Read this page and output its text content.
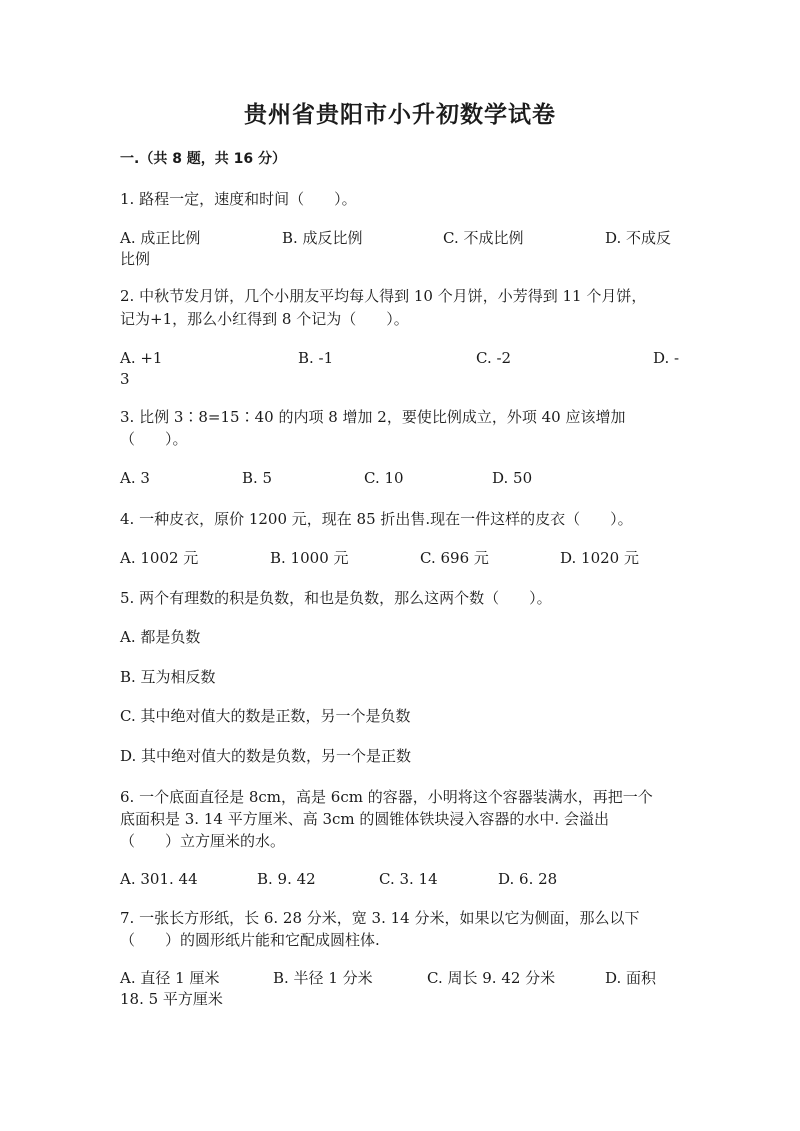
贵州省贵阳市小升初数学试卷
一.（共 8 题，共 16 分）
1. 路程一定，速度和时间（　　）。
A. 成正比例	B. 成反比例	C. 不成比例	D. 不成反
比例
2. 中秋节发月饼，几个小朋友平均每人得到 10 个月饼，小芳得到 11 个月饼，
记为+1，那么小红得到 8 个记为（　　）。
A. +1	B. -1	C. -2	D. -
3
3. 比例 3∶8=15∶40 的内项 8 增加 2，要使比例成立，外项 40 应该增加
（　　）。
A. 3	B. 5	C. 10	D. 50
4. 一种皮衣，原价 1200 元，现在 85 折出售.现在一件这样的皮衣（　　）。
A. 1002 元	B. 1000 元	C. 696 元	D. 1020 元
5. 两个有理数的积是负数，和也是负数，那么这两个数（　　）。
A. 都是负数
B. 互为相反数
C. 其中绝对值大的数是正数，另一个是负数
D. 其中绝对值大的数是负数，另一个是正数
6. 一个底面直径是 8cm，高是 6cm 的容器，小明将这个容器装满水，再把一个
底面积是 3. 14 平方厘米、高 3cm 的圆锥体铁块浸入容器的水中. 会溢出
（　　）立方厘米的水。
A. 301. 44	B. 9. 42	C. 3. 14	D. 6. 28
7. 一张长方形纸，长 6. 28 分米，宽 3. 14 分米，如果以它为侧面，那么以下
（　　）的圆形纸片能和它配成圆柱体.
A. 直径 1 厘米	B. 半径 1 分米	C. 周长 9. 42 分米	D. 面积
18. 5 平方厘米
